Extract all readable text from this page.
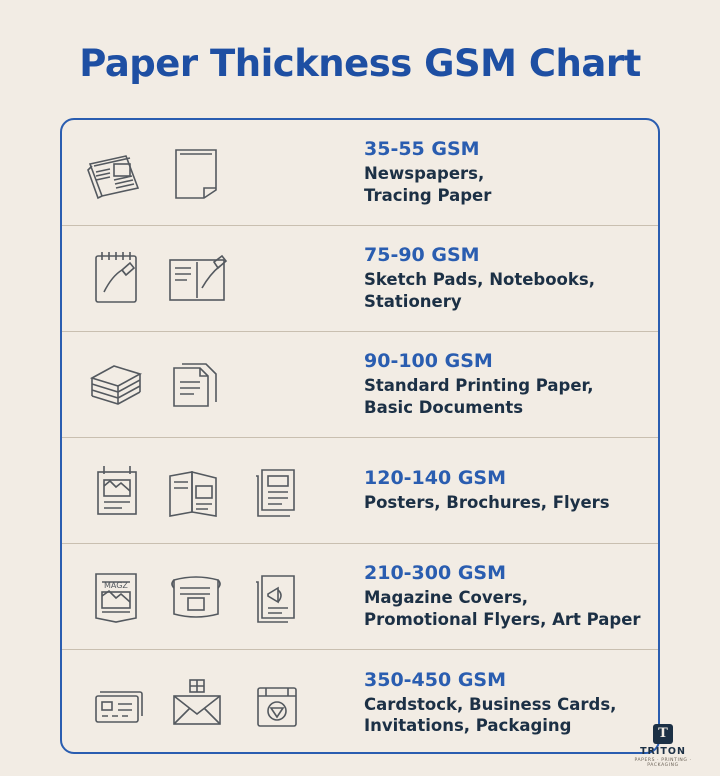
Paper Thickness GSM Chart
35-55 GSM
Newspapers,
Tracing Paper
75-90 GSM
Sketch Pads, Notebooks,
Stationery
90-100 GSM
Standard Printing Paper,
Basic Documents
120-140 GSM
Posters, Brochures, Flyers
MAGZ
210-300 GSM
Magazine Covers,
Promotional Flyers, Art Paper
350-450 GSM
Cardstock, Business Cards,
Invitations, Packaging	T
TRITON
PAPERS · PRINTING · PACKAGING
